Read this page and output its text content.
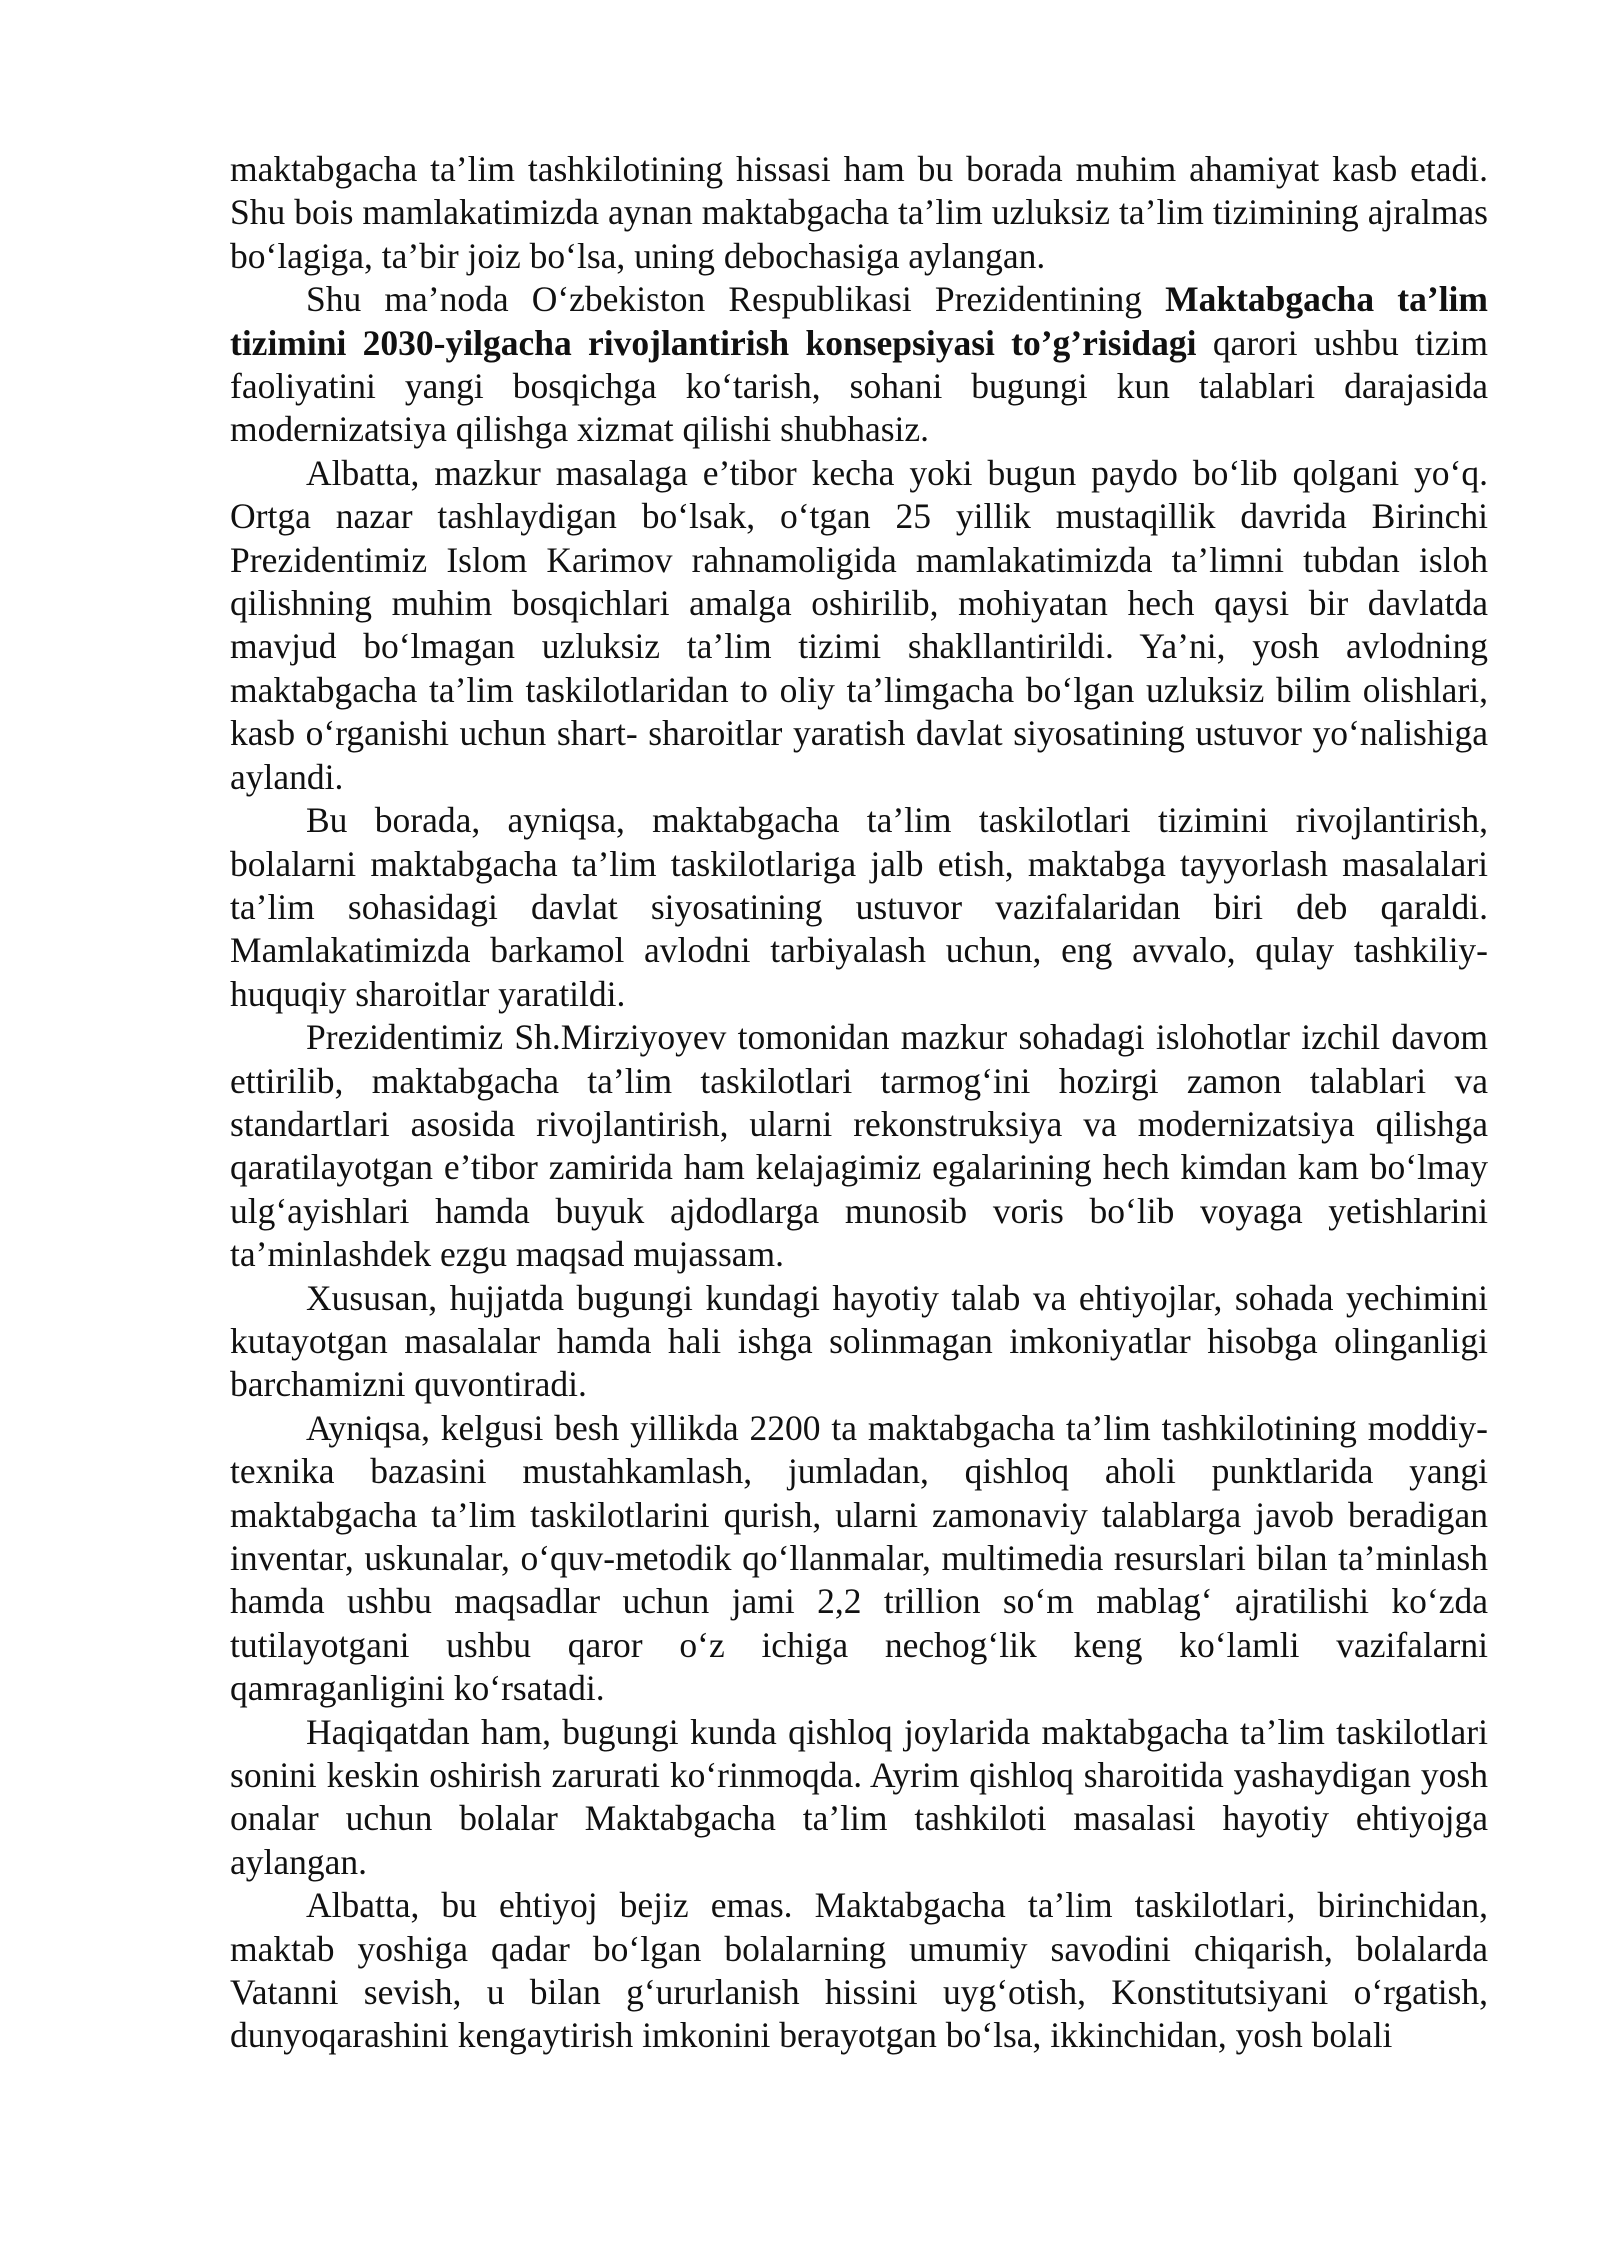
maktabgacha ta’lim tashkilotining hissasi ham bu borada muhim ahamiyat kasb etadi. Shu bois mamlakatimizda aynan maktabgacha ta’lim uzluksiz ta’lim tizimining ajralmas bo‘lagiga, ta’bir joiz bo‘lsa, uning debochasiga aylangan.

Shu ma’noda O‘zbekiston Respublikasi Prezidentining Maktabgacha ta’lim tizimini 2030-yilgacha rivojlantirish konsepsiyasi to’g’risidagi qarori ushbu tizim faoliyatini yangi bosqichga ko‘tarish, sohani bugungi kun talablari darajasida modernizatsiya qilishga xizmat qilishi shubhasiz.

Albatta, mazkur masalaga e’tibor kecha yoki bugun paydo bo‘lib qolgani yo‘q. Ortga nazar tashlaydigan bo‘lsak, o‘tgan 25 yillik mustaqillik davrida Birinchi Prezidentimiz Islom Karimov rahnamoligida mamlakatimizda ta’limni tubdan isloh qilishning muhim bosqichlari amalga oshirilib, mohiyatan hech qaysi bir davlatda mavjud bo‘lmagan uzluksiz ta’lim tizimi shakllantirildi. Ya’ni, yosh avlodning maktabgacha ta’lim taskilotlaridan to oliy ta’limgacha bo‘lgan uzluksiz bilim olishlari, kasb o‘rganishi uchun shart- sharoitlar yaratish davlat siyosatining ustuvor yo‘nalishiga aylandi.

Bu borada, ayniqsa, maktabgacha ta’lim taskilotlari tizimini rivojlantirish, bolalarni maktabgacha ta’lim taskilotlariga jalb etish, maktabga tayyorlash masalalari ta’lim sohasidagi davlat siyosatining ustuvor vazifalaridan biri deb qaraldi. Mamlakatimizda barkamol avlodni tarbiyalash uchun, eng avvalo, qulay tashkiliy-huquqiy sharoitlar yaratildi.

Prezidentimiz Sh.Mirziyoyev tomonidan mazkur sohadagi islohotlar izchil davom ettirilib, maktabgacha ta’lim taskilotlari tarmog‘ini hozirgi zamon talablari va standartlari asosida rivojlantirish, ularni rekonstruksiya va modernizatsiya qilishga qaratilayotgan e’tibor zamirida ham kelajagimiz egalarining hech kimdan kam bo‘lmay ulg‘ayishlari hamda buyuk ajdodlarga munosib voris bo‘lib voyaga yetishlarini ta’minlashdek ezgu maqsad mujassam.

Xususan, hujjatda bugungi kundagi hayotiy talab va ehtiyojlar, sohada yechimini kutayotgan masalalar hamda hali ishga solinmagan imkoniyatlar hisobga olinganligi barchamizni quvontiradi.

Ayniqsa, kelgusi besh yillikda 2200 ta maktabgacha ta’lim tashkilotining moddiy-texnika bazasini mustahkamlash, jumladan, qishloq aholi punktlarida yangi maktabgacha ta’lim taskilotlarini qurish, ularni zamonaviy talablarga javob beradigan inventar, uskunalar, o‘quv-metodik qo‘llanmalar, multimedia resurslari bilan ta’minlash hamda ushbu maqsadlar uchun jami 2,2 trillion so‘m mablag‘ ajratilishi ko‘zda tutilayotgani ushbu qaror o‘z ichiga nechog‘lik keng ko‘lamli vazifalarni qamraganligini ko‘rsatadi.

Haqiqatdan ham, bugungi kunda qishloq joylarida maktabgacha ta’lim taskilotlari sonini keskin oshirish zarurati ko‘rinmoqda. Ayrim qishloq sharoitida yashaydigan yosh onalar uchun bolalar Maktabgacha ta’lim tashkiloti masalasi hayotiy ehtiyojga aylangan.

Albatta, bu ehtiyoj bejiz emas. Maktabgacha ta’lim taskilotlari, birinchidan, maktab yoshiga qadar bo‘lgan bolalarning umumiy savodini chiqarish, bolalarda Vatanni sevish, u bilan g‘ururlanish hissini uyg‘otish, Konstitutsiyani o‘rgatish, dunyoqarashini kengaytirish imkonini berayotgan bo‘lsa, ikkinchidan, yosh bolali
